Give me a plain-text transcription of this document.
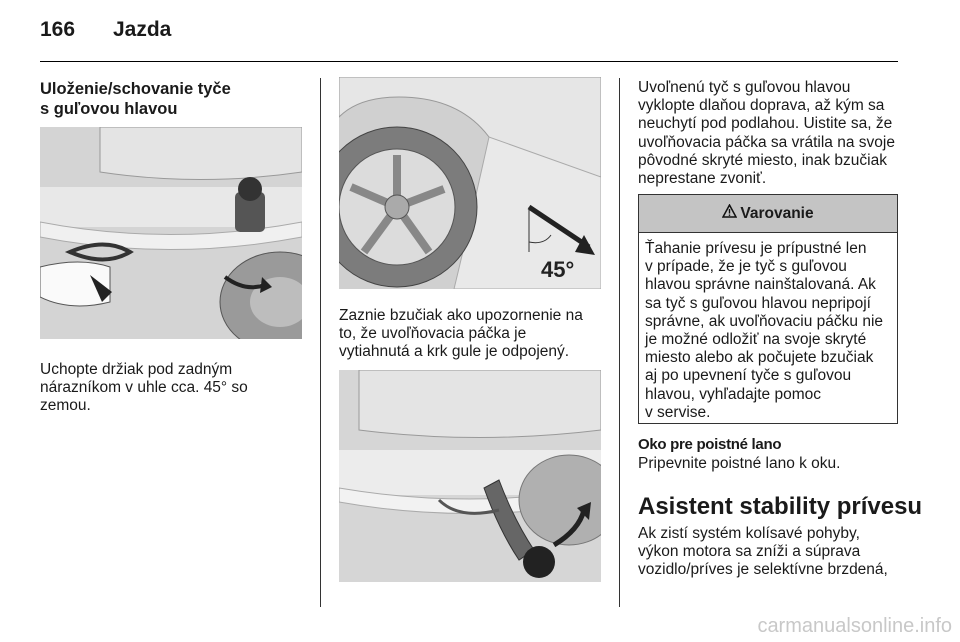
166 Jazda
Uloženie/schovanie tyče
s guľovou hlavou
Uchopte držiak pod zadným
nárazníkom v uhle cca. 45° so
zemou.
45°
Zaznie bzučiak ako upozornenie na
to, že uvoľňovacia páčka je
vytiahnutá a krk gule je odpojený.
Uvoľnenú tyč s guľovou hlavou
vyklopte dlaňou doprava, až kým sa
neuchytí pod podlahou. Uistite sa, že
uvoľňovacia páčka sa vrátila na svoje
pôvodné skryté miesto, inak bzučiak
neprestane zvoniť.
Varovanie
Ťahanie prívesu je prípustné len
v prípade, že je tyč s guľovou
hlavou správne nainštalovaná. Ak
sa tyč s guľovou hlavou nepripojí
správne, ak uvoľňovaciu páčku nie
je možné odložiť na svoje skryté
miesto alebo ak počujete bzučiak
aj po upevnení tyče s guľovou
hlavou, vyhľadajte pomoc
v servise.
Oko pre poistné lano
Pripevnite poistné lano k oku.
Asistent stability prívesu
Ak zistí systém kolísavé pohyby,
výkon motora sa zníži a súprava
vozidlo/príves je selektívne brzdená,
carmanualsonline.info
